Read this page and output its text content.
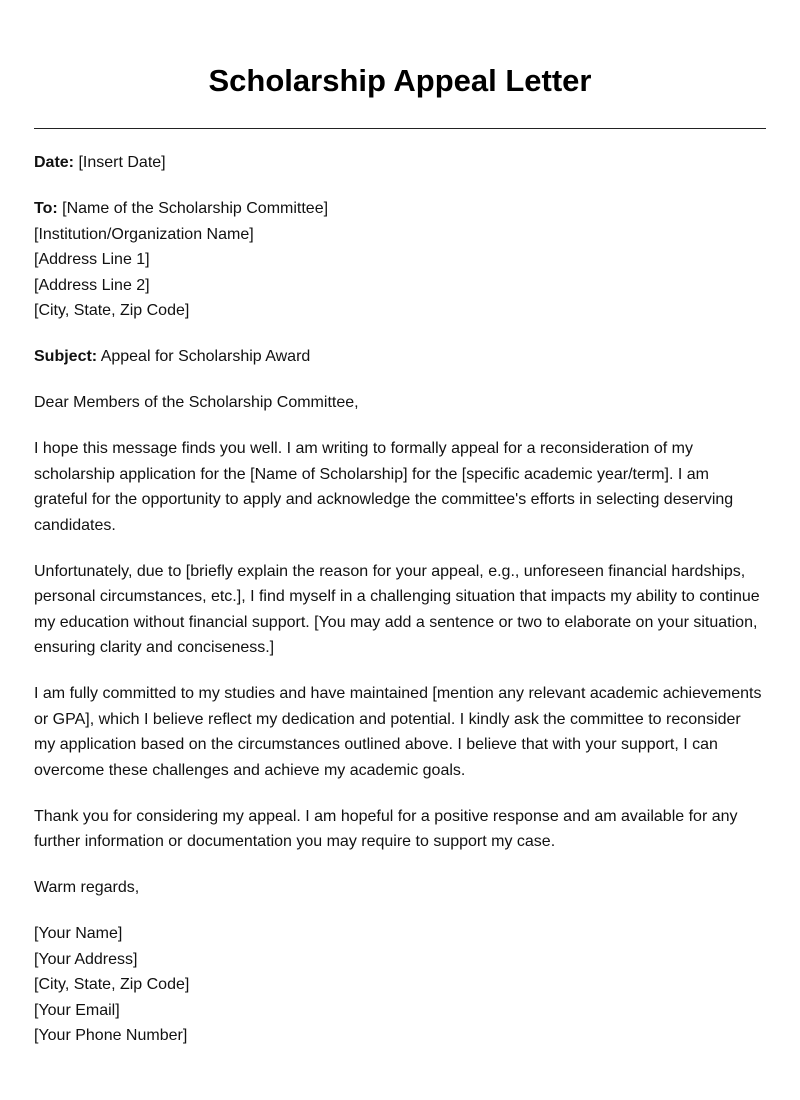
Scholarship Appeal Letter
Date: [Insert Date]
To: [Name of the Scholarship Committee]
[Institution/Organization Name]
[Address Line 1]
[Address Line 2]
[City, State, Zip Code]
Subject: Appeal for Scholarship Award

Dear Members of the Scholarship Committee,

I hope this message finds you well. I am writing to formally appeal for a reconsideration of my scholarship application for the [Name of Scholarship] for the [specific academic year/term]. I am grateful for the opportunity to apply and acknowledge the committee's efforts in selecting deserving candidates.

Unfortunately, due to [briefly explain the reason for your appeal, e.g., unforeseen financial hardships, personal circumstances, etc.], I find myself in a challenging situation that impacts my ability to continue my education without financial support. [You may add a sentence or two to elaborate on your situation, ensuring clarity and conciseness.]

I am fully committed to my studies and have maintained [mention any relevant academic achievements or GPA], which I believe reflect my dedication and potential. I kindly ask the committee to reconsider my application based on the circumstances outlined above. I believe that with your support, I can overcome these challenges and achieve my academic goals.

Thank you for considering my appeal. I am hopeful for a positive response and am available for any further information or documentation you may require to support my case.

Warm regards,

[Your Name]
[Your Address]
[City, State, Zip Code]
[Your Email]
[Your Phone Number]
